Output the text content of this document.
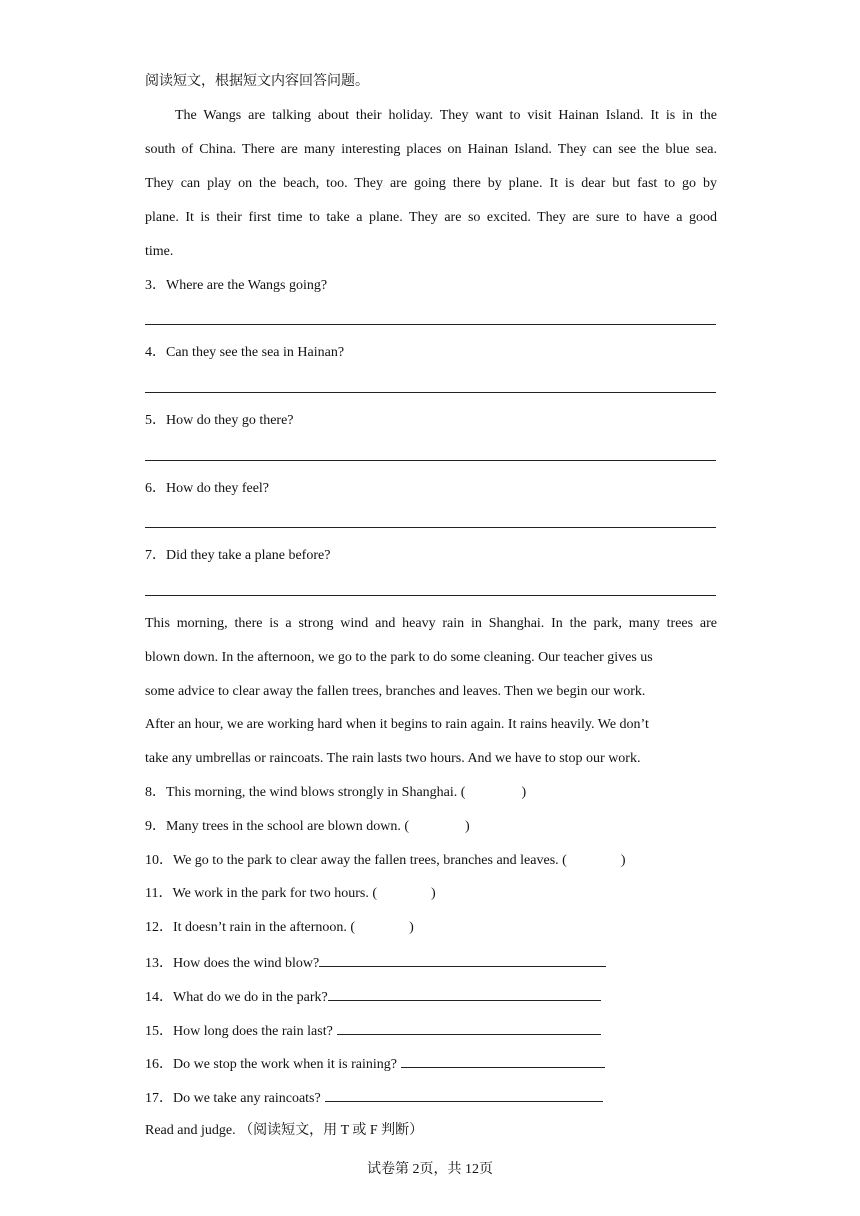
阅读短文，根据短文内容回答问题。
The Wangs are talking about their holiday. They want to visit Hainan Island. It is in the
south of China. There are many interesting places on Hainan Island. They can see the blue sea.
They can play on the beach, too. They are going there by plane. It is dear but fast to go by
plane. It is their first time to take a plane. They are so excited. They are sure to have a good
time.
3．Where are the Wangs going?
4．Can they see the sea in Hainan?
5．How do they go there?
6．How do they feel?
7．Did they take a plane before?
This morning, there is a strong wind and heavy rain in Shanghai. In the park, many trees are
blown down. In the afternoon, we go to the park to do some cleaning. Our teacher gives us
some advice to clear away the fallen trees, branches and leaves. Then we begin our work.
After an hour, we are working hard when it begins to rain again. It rains heavily. We don’t
take any umbrellas or raincoats. The rain lasts two hours. And we have to stop our work.
8．This morning, the wind blows strongly in Shanghai. (	)
9．Many trees in the school are blown down. (	)
10．We go to the park to clear away the fallen trees, branches and leaves. (	)
11．We work in the park for two hours. (	)
12．It doesn’t rain in the afternoon. (	)
13．How does the wind blow?
14．What do we do in the park?
15．How long does the rain last?
16．Do we stop the work when it is raining?
17．Do we take any raincoats?
Read and judge. （阅读短文，用 T 或 F 判断）
试卷第 2页，共 12页
